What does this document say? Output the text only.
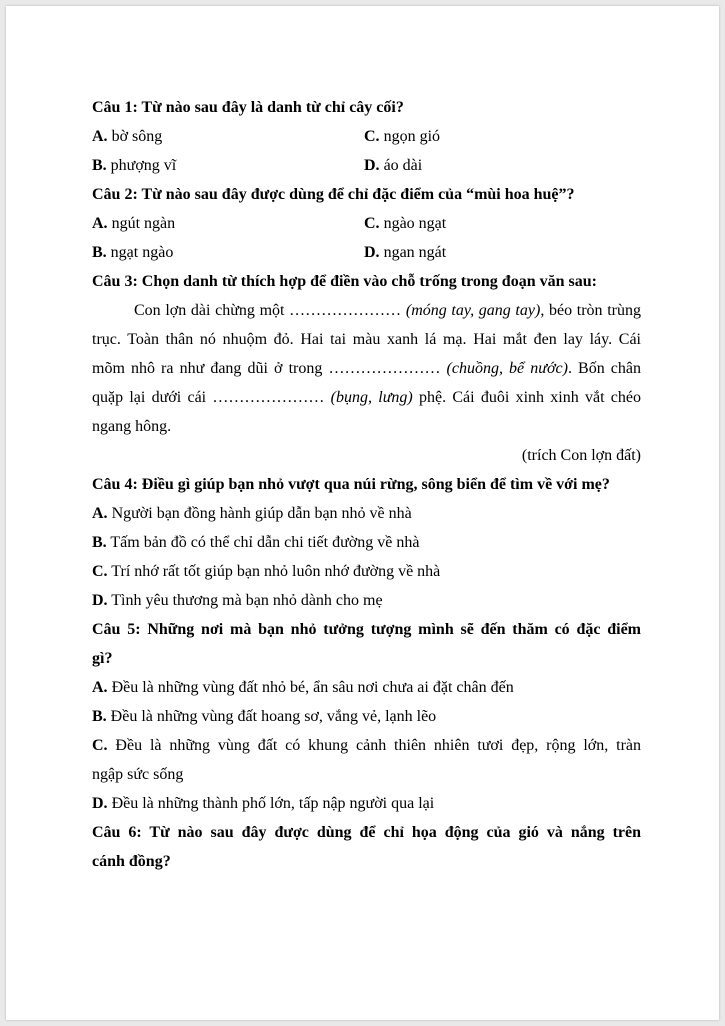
Câu 1: Từ nào sau đây là danh từ chỉ cây cối?
A. bờ sông	C. ngọn gió
B. phượng vĩ	D. áo dài
Câu 2: Từ nào sau đây được dùng để chỉ đặc điểm của “mùi hoa huệ”?
A. ngút ngàn	C. ngào ngạt
B. ngạt ngào	D. ngan ngát
Câu 3: Chọn danh từ thích hợp để điền vào chỗ trống trong đoạn văn sau:
Con lợn dài chừng một ………………… (móng tay, gang tay), béo tròn trùng
trục. Toàn thân nó nhuộm đỏ. Hai tai màu xanh lá mạ. Hai mắt đen lay láy. Cái
mõm nhô ra như đang dũi ở trong ………………… (chuồng, bể nước). Bốn chân
quặp lại dưới cái ………………… (bụng, lưng) phệ. Cái đuôi xinh xinh vắt chéo
ngang hông.
(trích Con lợn đất)
Câu 4: Điều gì giúp bạn nhỏ vượt qua núi rừng, sông biển để tìm về với mẹ?
A. Người bạn đồng hành giúp dẫn bạn nhỏ về nhà
B. Tấm bản đồ có thể chỉ dẫn chi tiết đường về nhà
C. Trí nhớ rất tốt giúp bạn nhỏ luôn nhớ đường về nhà
D. Tình yêu thương mà bạn nhỏ dành cho mẹ
Câu 5: Những nơi mà bạn nhỏ tưởng tượng mình sẽ đến thăm có đặc điểm
gì?
A. Đều là những vùng đất nhỏ bé, ẩn sâu nơi chưa ai đặt chân đến
B. Đều là những vùng đất hoang sơ, vắng vẻ, lạnh lẽo
C. Đều là những vùng đất có khung cảnh thiên nhiên tươi đẹp, rộng lớn, tràn
ngập sức sống
D. Đều là những thành phố lớn, tấp nập người qua lại
Câu 6: Từ nào sau đây được dùng để chỉ họa động của gió và nắng trên
cánh đồng?
